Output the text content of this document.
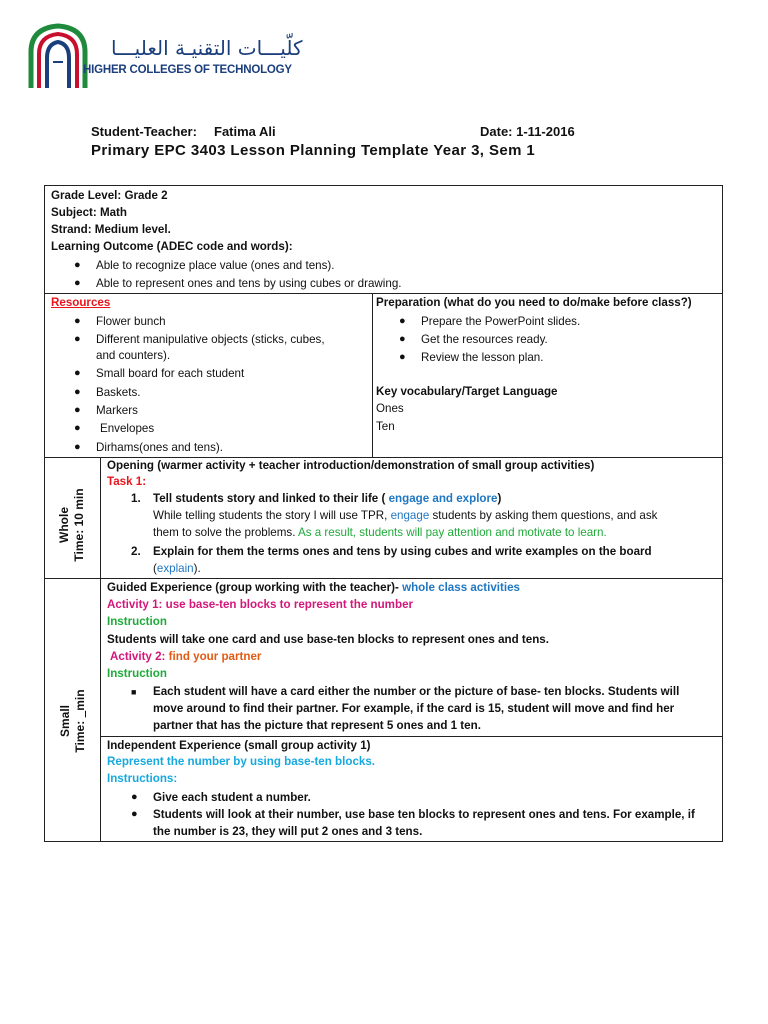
كلّيـــات التقنيـة العليـــا
HIGHER COLLEGES OF TECHNOLOGY
Student-Teacher: Fatima Ali	Date: 1-11-2016
Primary EPC 3403 Lesson Planning Template Year 3, Sem 1
Grade Level: Grade 2
Subject: Math
Strand: Medium level.
Learning Outcome (ADEC code and words):
● Able to recognize place value (ones and tens).
● Able to represent ones and tens by using cubes or drawing.
Resources
● Flower bunch
● Different manipulative objects (sticks, cubes,
and counters).
● Small board for each student
● Baskets.
● Markers
● Envelopes
● Dirhams(ones and tens).
Preparation (what do you need to do/make before class?)
● Prepare the PowerPoint slides.
● Get the resources ready.
● Review the lesson plan.
Key vocabulary/Target Language
Ones
Ten
Whole Time: 10 min
Opening (warmer activity + teacher introduction/demonstration of small group activities)
Task 1:
1. Tell students story and linked to their life ( engage and explore)
While telling students the story I will use TPR, engage students by asking them questions, and ask
them to solve the problems. As a result, students will pay attention and motivate to learn.
2. Explain for them the terms ones and tens by using cubes and write examples on the board
(explain).
Small Time:   min
Guided Experience (group working with the teacher)- whole class activities
Activity 1: use base-ten blocks to represent the number
Instruction
Students will take one card and use base-ten blocks to represent ones and tens.
Activity 2: find your partner
Instruction
■ Each student will have a card either the number or the picture of base- ten blocks. Students will
move around to find their partner. For example, if the card is 15, student will move and find her
partner that has the picture that represent 5 ones and 1 ten.
Independent Experience (small group activity 1)
Represent the number by using base-ten blocks.
Instructions:
● Give each student a number.
● Students will look at their number, use base ten blocks to represent ones and tens. For example, if
the number is 23, they will put 2 ones and 3 tens.
